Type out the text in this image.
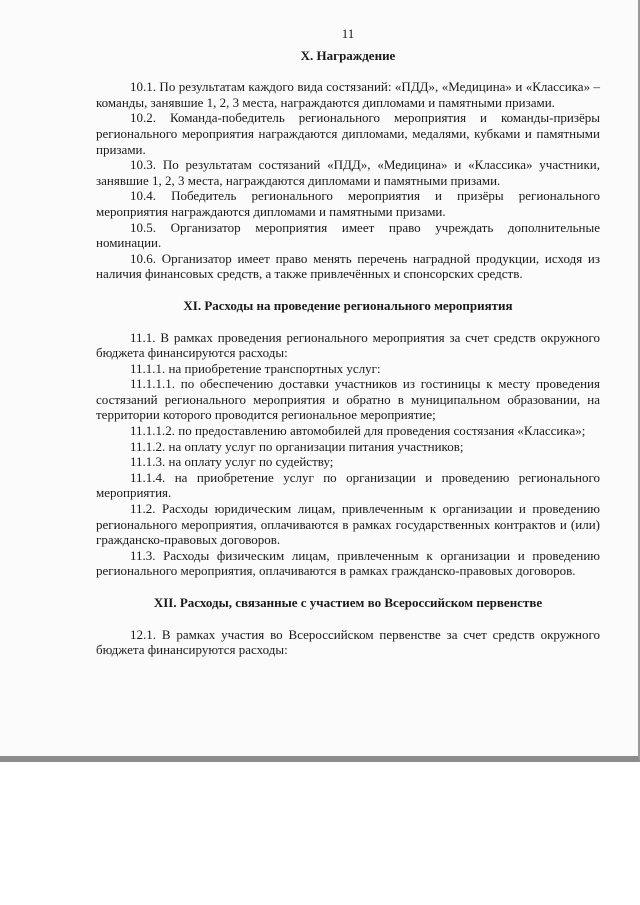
11
X. Награждение

10.1. По результатам каждого вида состязаний: «ПДД», «Медицина» и «Классика» – команды, занявшие 1, 2, 3 места, награждаются дипломами и памятными призами.

10.2. Команда-победитель регионального мероприятия и команды-призёры регионального мероприятия награждаются дипломами, медалями, кубками и памятными призами.

10.3. По результатам состязаний «ПДД», «Медицина» и «Классика» участники, занявшие 1, 2, 3 места, награждаются дипломами и памятными призами.

10.4. Победитель регионального мероприятия и призёры регионального мероприятия награждаются дипломами и памятными призами.

10.5. Организатор мероприятия имеет право учреждать дополнительные номинации.

10.6. Организатор имеет право менять перечень наградной продукции, исходя из наличия финансовых средств, а также привлечённых и спонсорских средств.

XI. Расходы на проведение регионального мероприятия

11.1. В рамках проведения регионального мероприятия за счет средств окружного бюджета финансируются расходы:

11.1.1. на приобретение транспортных услуг:

11.1.1.1. по обеспечению доставки участников из гостиницы к месту проведения состязаний регионального мероприятия и обратно в муниципальном образовании, на территории которого проводится региональное мероприятие;

11.1.1.2. по предоставлению автомобилей для проведения состязания «Классика»;

11.1.2. на оплату услуг по организации питания участников;

11.1.3. на оплату услуг по судейству;

11.1.4. на приобретение услуг по организации и проведению регионального мероприятия.

11.2. Расходы юридическим лицам, привлеченным к организации и проведению регионального мероприятия, оплачиваются в рамках государственных контрактов и (или) гражданско-правовых договоров.

11.3. Расходы физическим лицам, привлеченным к организации и проведению регионального мероприятия, оплачиваются в рамках гражданско-правовых договоров.

XII. Расходы, связанные с участием во Всероссийском первенстве

12.1. В рамках участия во Всероссийском первенстве за счет средств окружного бюджета финансируются расходы:
